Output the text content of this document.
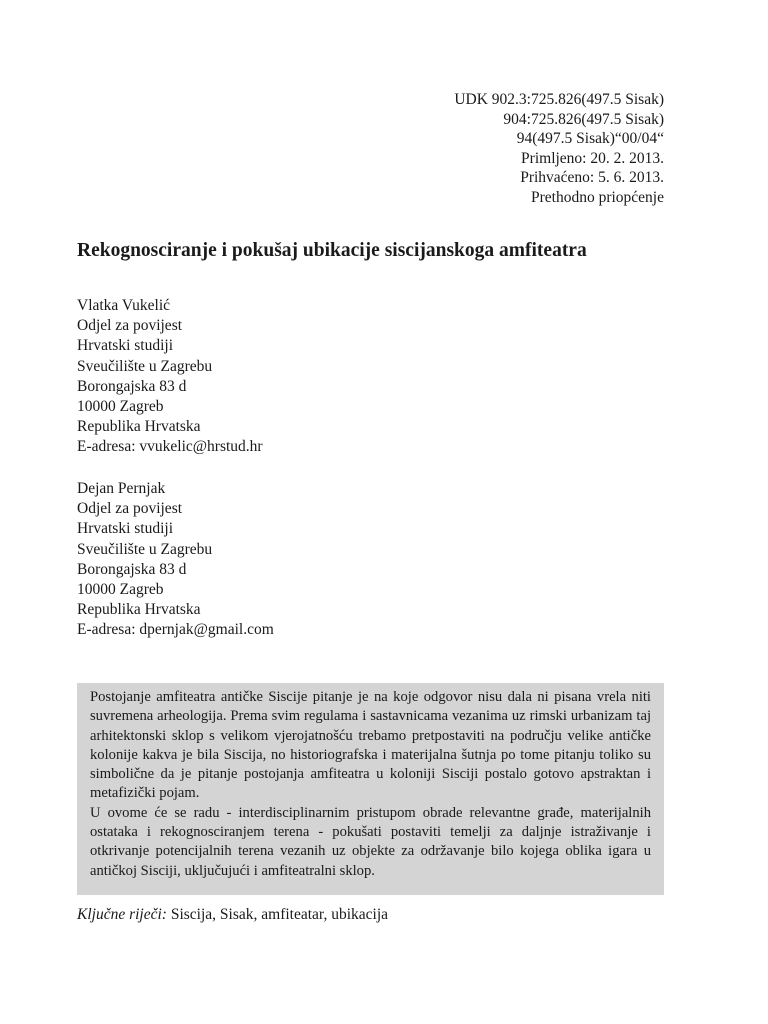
UDK 902.3:725.826(497.5 Sisak)
904:725.826(497.5 Sisak)
94(497.5 Sisak)“00/04“
Primljeno: 20. 2. 2013.
Prihvaćeno: 5. 6. 2013.
Prethodno priopćenje
Rekognosciranje i pokušaj ubikacije siscijanskoga amfiteatra
Vlatka Vukelić
Odjel za povijest
Hrvatski studiji
Sveučilište u Zagrebu
Borongajska 83 d
10000 Zagreb
Republika Hrvatska
E-adresa: vvukelic@hrstud.hr
Dejan Pernjak
Odjel za povijest
Hrvatski studiji
Sveučilište u Zagrebu
Borongajska 83 d
10000 Zagreb
Republika Hrvatska
E-adresa: dpernjak@gmail.com

Postojanje amfiteatra antičke Siscije pitanje je na koje odgovor nisu dala ni pisana vrela niti suvremena arheologija. Prema svim regulama i sastavnicama vezanima uz rimski urbanizam taj arhitektonski sklop s velikom vjerojatnošću trebamo pretpostaviti na području velike antičke kolonije kakva je bila Siscija, no historiografska i materijalna šutnja po tome pitanju toliko su simbolične da je pitanje postojanja amfiteatra u koloniji Sisciji postalo gotovo apstraktan i metafizički pojam.

U ovome će se radu - interdisciplinarnim pristupom obrade relevantne građe, materijalnih ostataka i rekognosciranjem terena - pokušati postaviti temelji za daljnje istraživanje i otkrivanje potencijalnih terena vezanih uz objekte za održavanje bilo kojega oblika igara u antičkoj Sisciji, uključujući i amfiteatralni sklop.

Ključne riječi: Siscija, Sisak, amfiteatar, ubikacija
